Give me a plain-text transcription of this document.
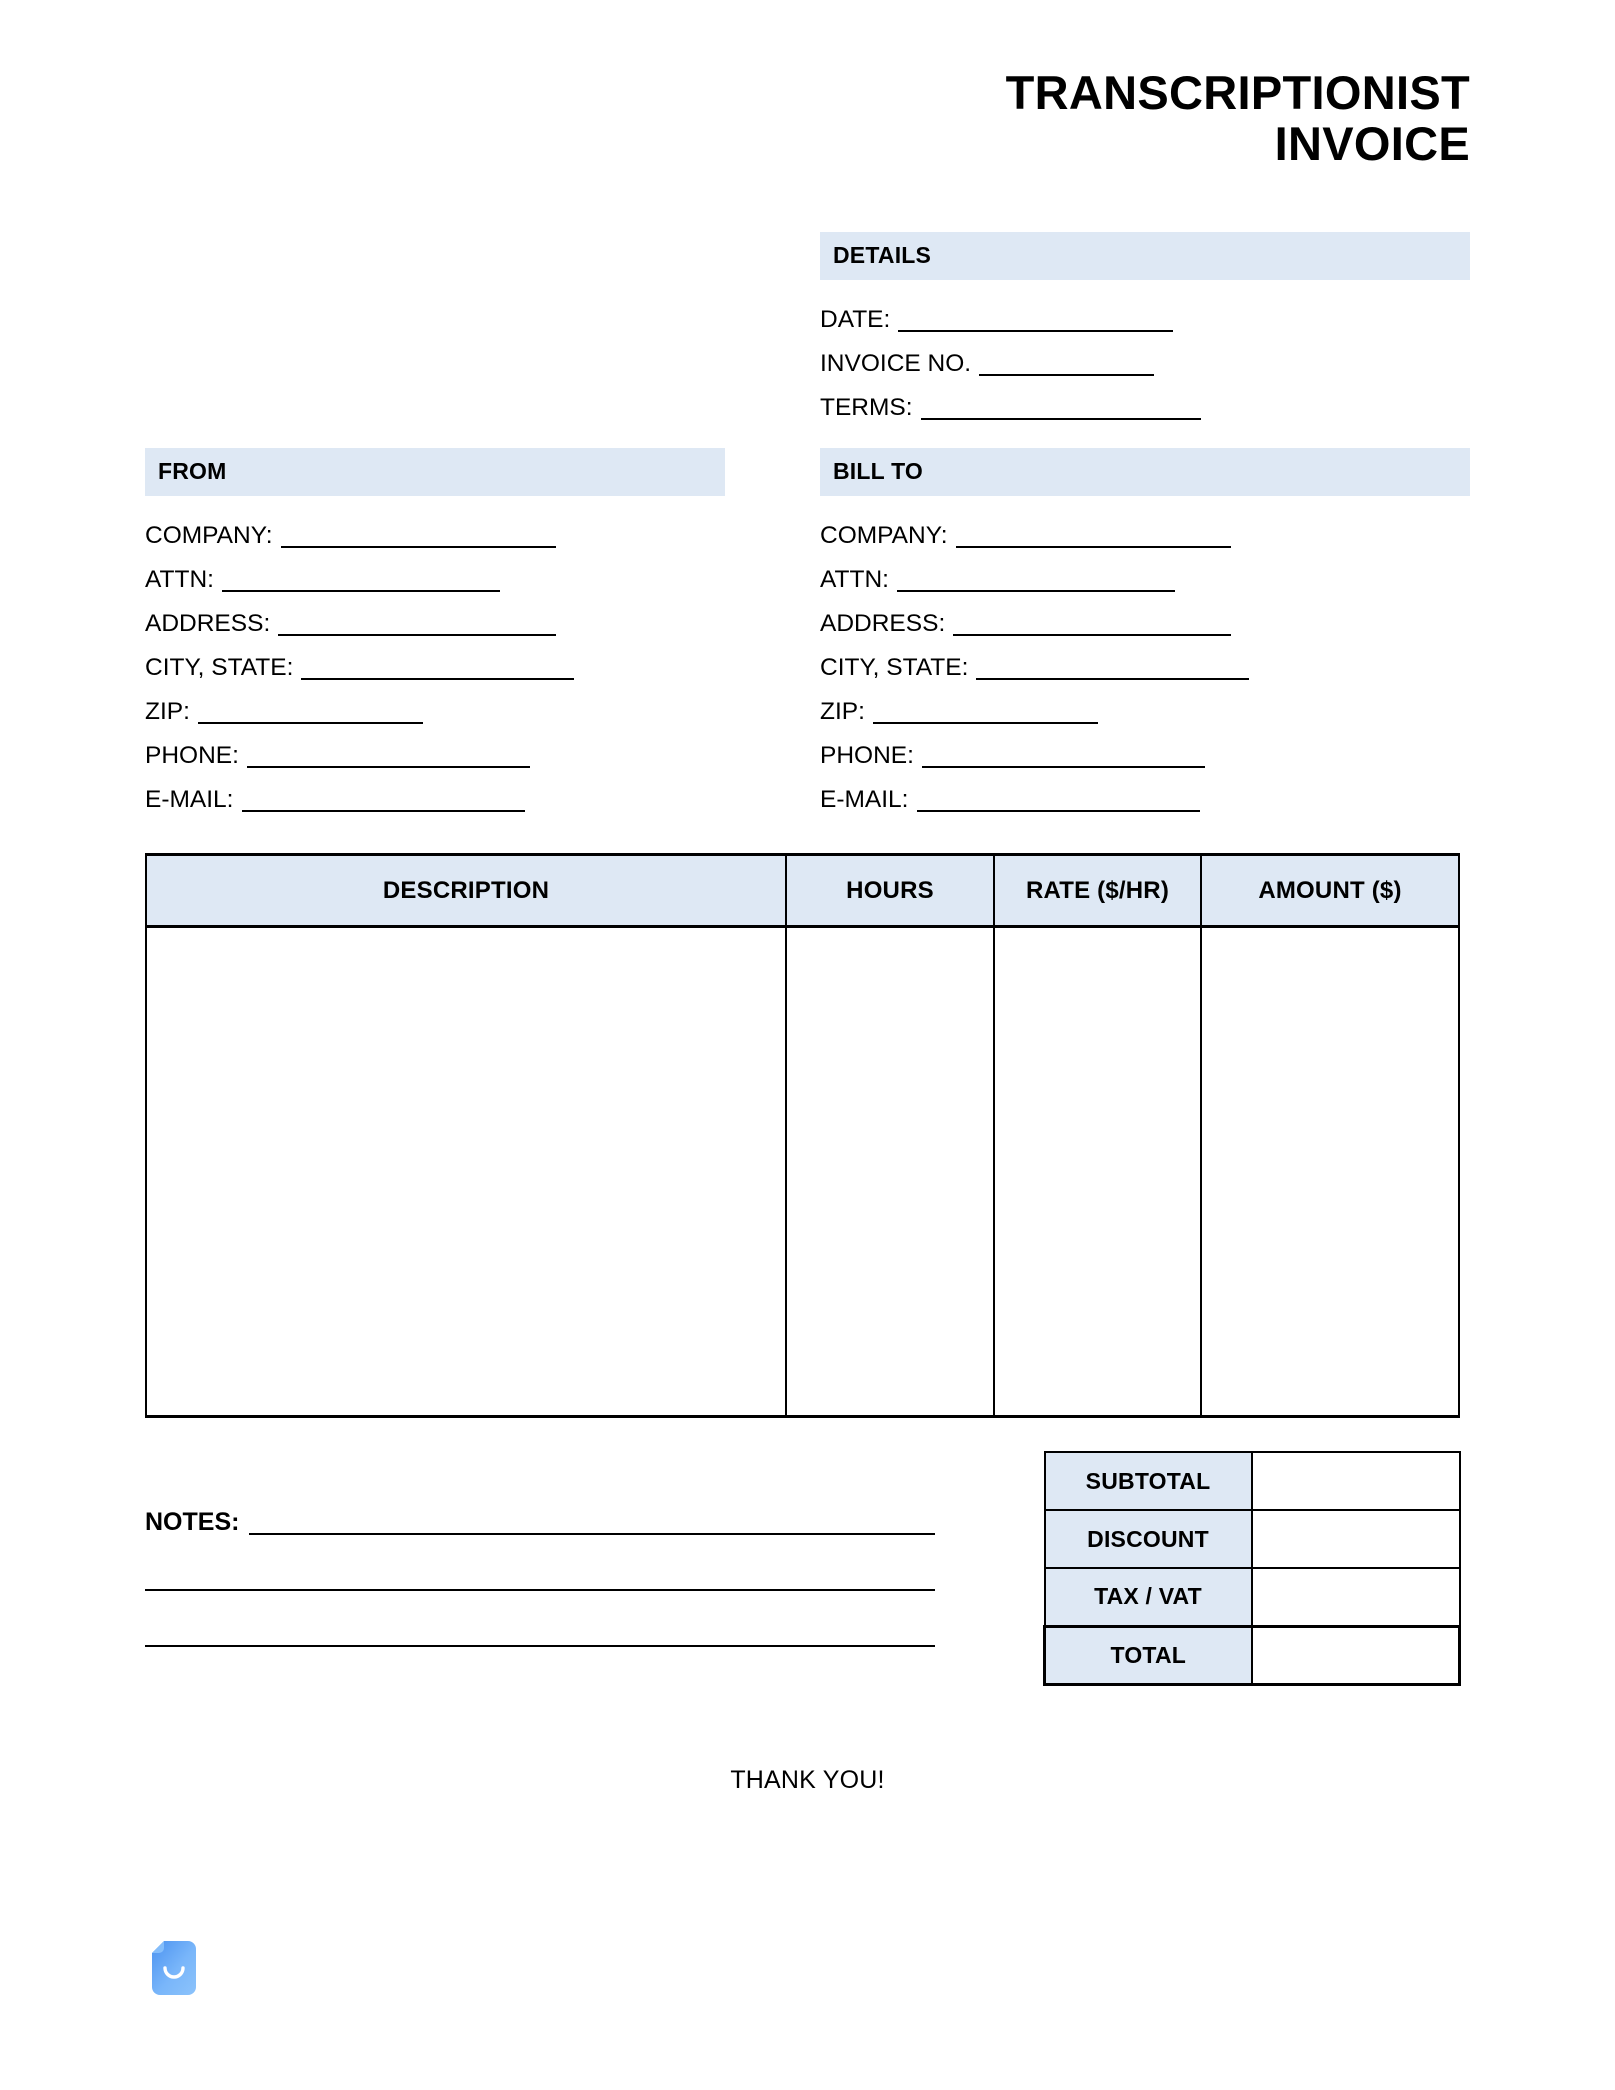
TRANSCRIPTIONIST
INVOICE
DETAILS
DATE:
INVOICE NO.
TERMS:
FROM
COMPANY:
ATTN:
ADDRESS:
CITY, STATE:
ZIP:
PHONE:
E-MAIL:
BILL TO
COMPANY:
ATTN:
ADDRESS:
CITY, STATE:
ZIP:
PHONE:
E-MAIL:
DESCRIPTION	HOURS	RATE ($/HR)	AMOUNT ($)

SUBTOTAL	
DISCOUNT	
TAX / VAT	
TOTAL	
NOTES:
THANK YOU!
